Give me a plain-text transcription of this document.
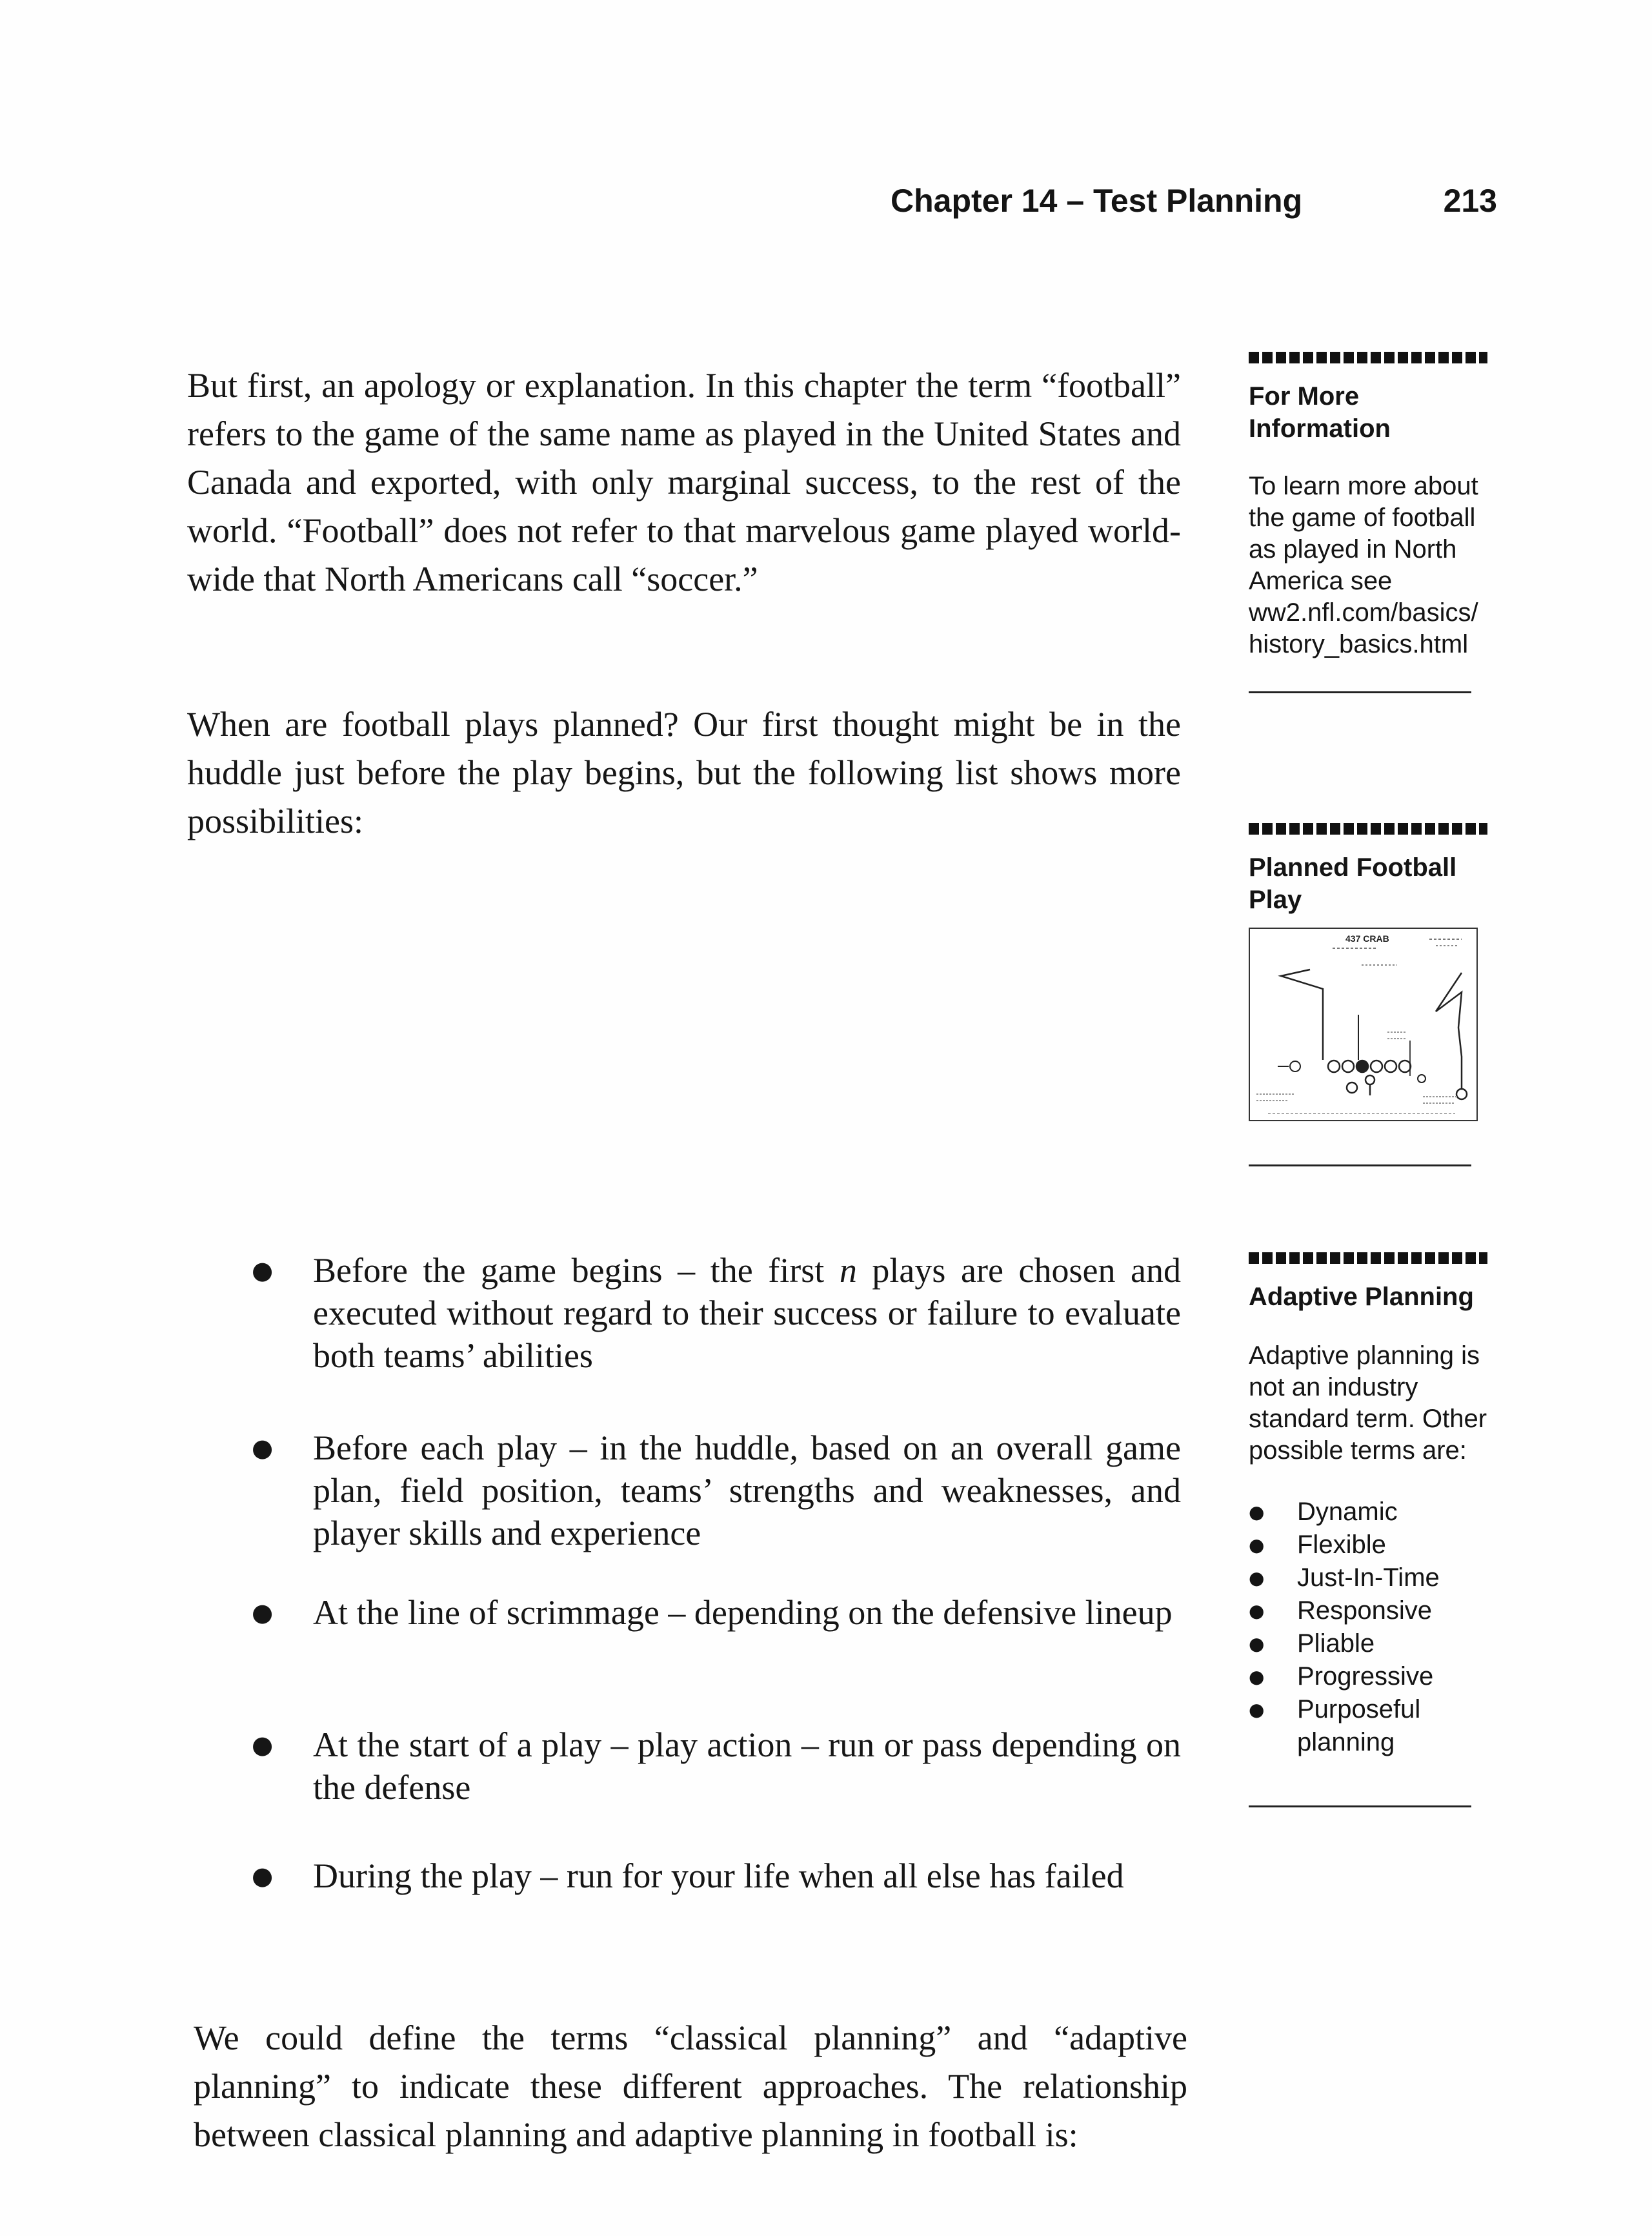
Chapter 14 – Test Planning	213

But first, an apology or explanation. In this chapter the term “football” refers to the game of the same name as played in the United States and Canada and exported, with only marginal success, to the rest of the world. “Football” does not refer to that marvelous game played world-wide that North Americans call “soccer.”

When are football plays planned? Our first thought might be in the huddle just before the play begins, but the following list shows more possibilities:

● Before the game begins – the first n plays are chosen and executed without regard to their success or failure to evaluate both teams’ abilities
● Before each play – in the huddle, based on an overall game plan, field position, teams’ strengths and weaknesses, and player skills and experience
● At the line of scrimmage – depending on the defensive lineup
● At the start of a play – play action – run or pass depending on the defense
● During the play – run for your life when all else has failed

We could define the terms “classical planning” and “adaptive planning” to indicate these different approaches. The relationship between classical planning and adaptive planning in football is:

For More Information
To learn more about the game of football as played in North America see ww2.nfl.com/basics/ history_basics.html
Planned Football Play
437 CRAB
Adaptive Planning
Adaptive planning is not an industry standard term. Other possible terms are:
● Dynamic
● Flexible
● Just-In-Time
● Responsive
● Pliable
● Progressive
● Purposeful planning
